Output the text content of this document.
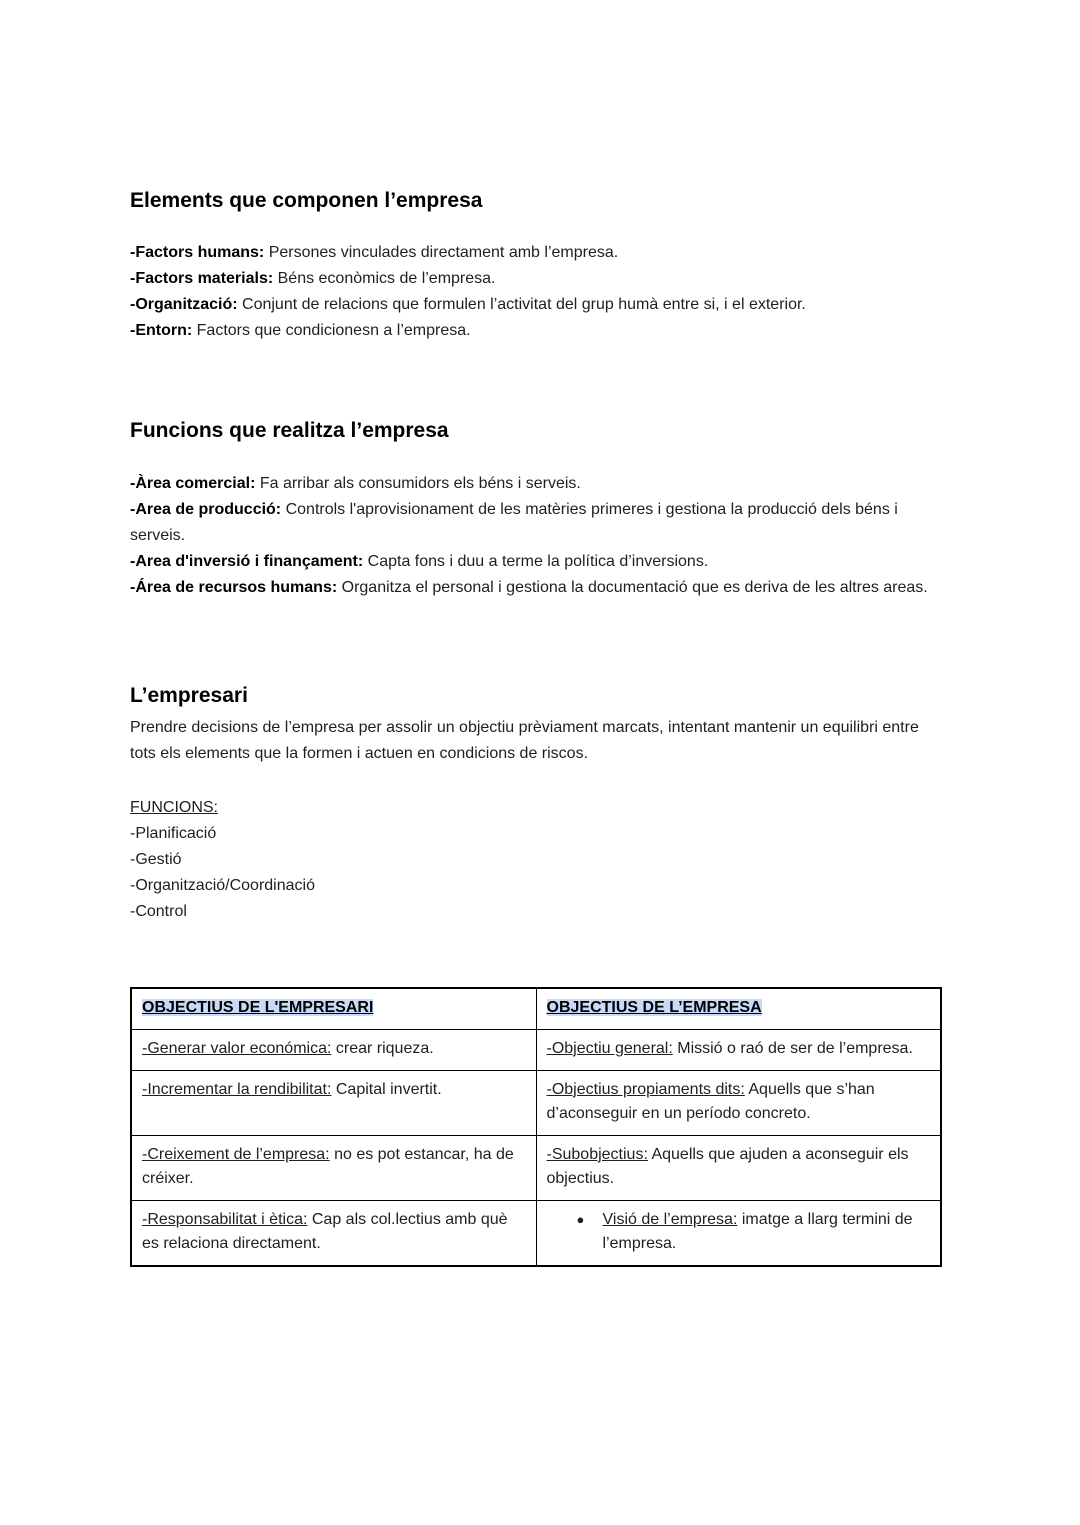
Elements que componen l’empresa
-Factors humans: Persones vinculades directament amb l’empresa.
-Factors materials: Béns econòmics de l’empresa.
-Organització: Conjunt de relacions que formulen l’activitat del grup humà entre si, i el exterior.
-Entorn: Factors que condicionesn a l’empresa.
Funcions que realitza l’empresa
-Àrea comercial: Fa arribar als consumidors els béns i serveis.
-Area de producció: Controls l'aprovisionament de les matèries primeres i gestiona la producció dels béns i serveis.
-Area d'inversió i finançament: Capta fons i duu a terme la política d’inversions.
-Área de recursos humans: Organitza el personal i gestiona la documentació que es deriva de les altres areas.
L’empresari

Prendre decisions de l’empresa per assolir un objectiu prèviament marcats, intentant mantenir un equilibri entre tots els elements que la formen i actuen en condicions de riscos.

FUNCIONS:
-Planificació
-Gestió
-Organització/Coordinació
-Control
OBJECTIUS DE L'EMPRESARI	OBJECTIUS DE L’EMPRESA
-Generar valor económica: crear riqueza.	-Objectiu general: Missió o raó de ser de l’empresa.
-Incrementar la rendibilitat: Capital invertit.	-Objectius propiaments dits: Aquells que s’han d’aconseguir en un período concreto.
-Creixement de l’empresa: no es pot estancar, ha de créixer.	-Subobjectius: Aquells que ajuden a aconseguir els objectius.
-Responsabilitat i ètica: Cap als col.lectius amb què es relaciona directament.	● Visió de l’empresa: imatge a llarg termini de l’empresa.
